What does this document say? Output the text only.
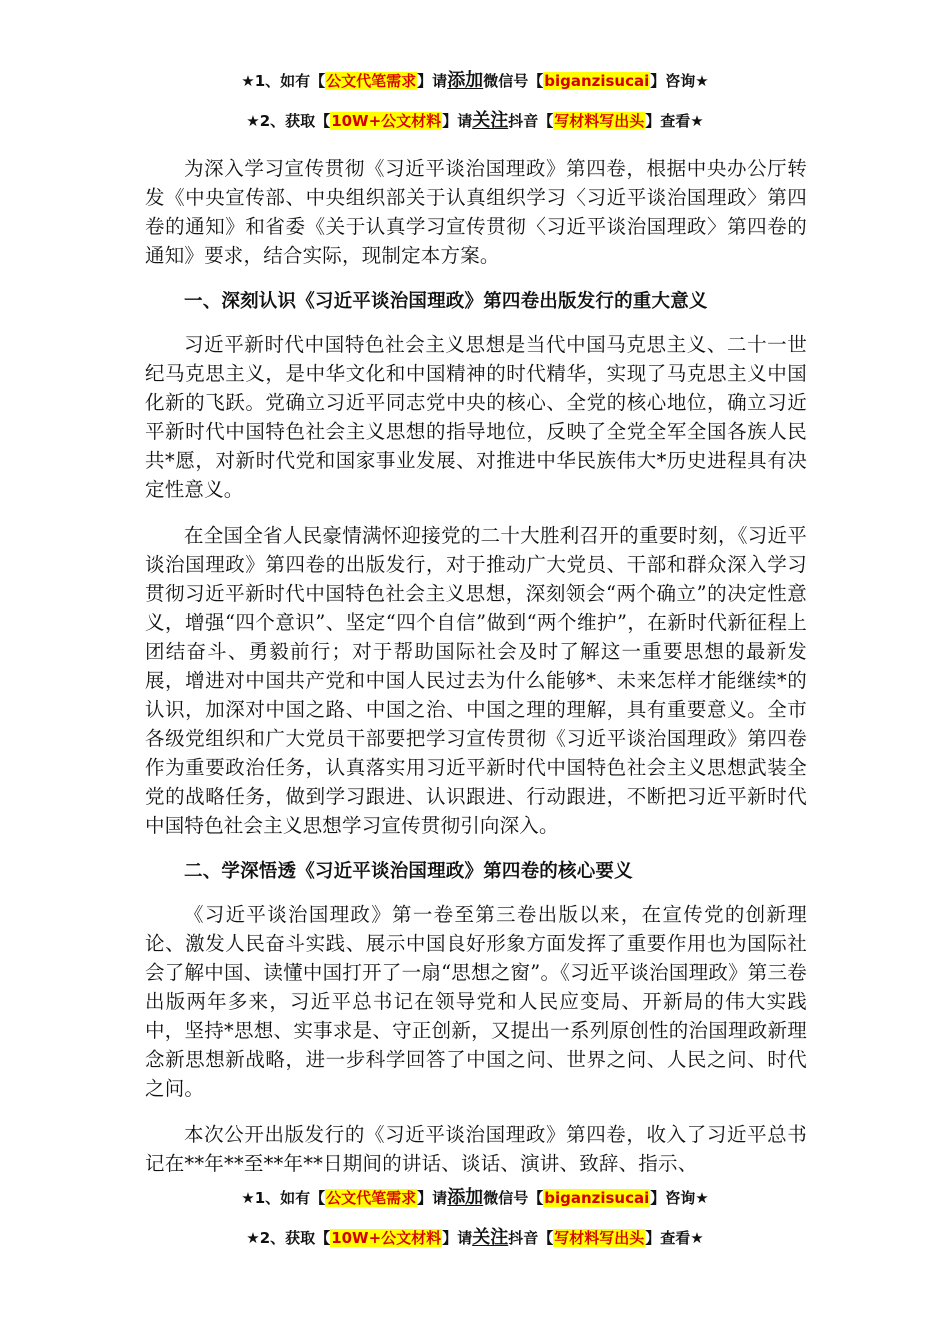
★1、如有【公文代笔需求】请添加微信号【biganzisucai】咨询★
★2、获取【10W+公文材料】请关注抖音【写材料写出头】查看★

为深入学习宣传贯彻《习近平谈治国理政》第四卷，根据中央办公厅转发《中央宣传部、中央组织部关于认真组织学习〈习近平谈治国理政〉第四卷的通知》和省委《关于认真学习宣传贯彻〈习近平谈治国理政〉第四卷的通知》要求，结合实际，现制定本方案。

一、深刻认识《习近平谈治国理政》第四卷出版发行的重大意义

习近平新时代中国特色社会主义思想是当代中国马克思主义、二十一世纪马克思主义，是中华文化和中国精神的时代精华，实现了马克思主义中国化新的飞跃。党确立习近平同志党中央的核心、全党的核心地位，确立习近平新时代中国特色社会主义思想的指导地位，反映了全党全军全国各族人民共*愿，对新时代党和国家事业发展、对推进中华民族伟大*历史进程具有决定性意义。

在全国全省人民豪情满怀迎接党的二十大胜利召开的重要时刻，《习近平谈治国理政》第四卷的出版发行，对于推动广大党员、干部和群众深入学习贯彻习近平新时代中国特色社会主义思想，深刻领会“两个确立”的决定性意义，增强“四个意识”、坚定“四个自信”做到“两个维护”，在新时代新征程上团结奋斗、勇毅前行；对于帮助国际社会及时了解这一重要思想的最新发展，增进对中国共产党和中国人民过去为什么能够*、未来怎样才能继续*的认识，加深对中国之路、中国之治、中国之理的理解，具有重要意义。全市各级党组织和广大党员干部要把学习宣传贯彻《习近平谈治国理政》第四卷作为重要政治任务，认真落实用习近平新时代中国特色社会主义思想武装全党的战略任务，做到学习跟进、认识跟进、行动跟进，不断把习近平新时代中国特色社会主义思想学习宣传贯彻引向深入。

二、学深悟透《习近平谈治国理政》第四卷的核心要义

《习近平谈治国理政》第一卷至第三卷出版以来，在宣传党的创新理论、激发人民奋斗实践、展示中国良好形象方面发挥了重要作用也为国际社会了解中国、读懂中国打开了一扇“思想之窗”。《习近平谈治国理政》第三卷出版两年多来，习近平总书记在领导党和人民应变局、开新局的伟大实践中，坚持*思想、实事求是、守正创新，又提出一系列原创性的治国理政新理念新思想新战略，进一步科学回答了中国之问、世界之问、人民之问、时代之问。

本次公开出版发行的《习近平谈治国理政》第四卷，收入了习近平总书记在**年**至**年**日期间的讲话、谈话、演讲、致辞、指示、

★1、如有【公文代笔需求】请添加微信号【biganzisucai】咨询★
★2、获取【10W+公文材料】请关注抖音【写材料写出头】查看★
